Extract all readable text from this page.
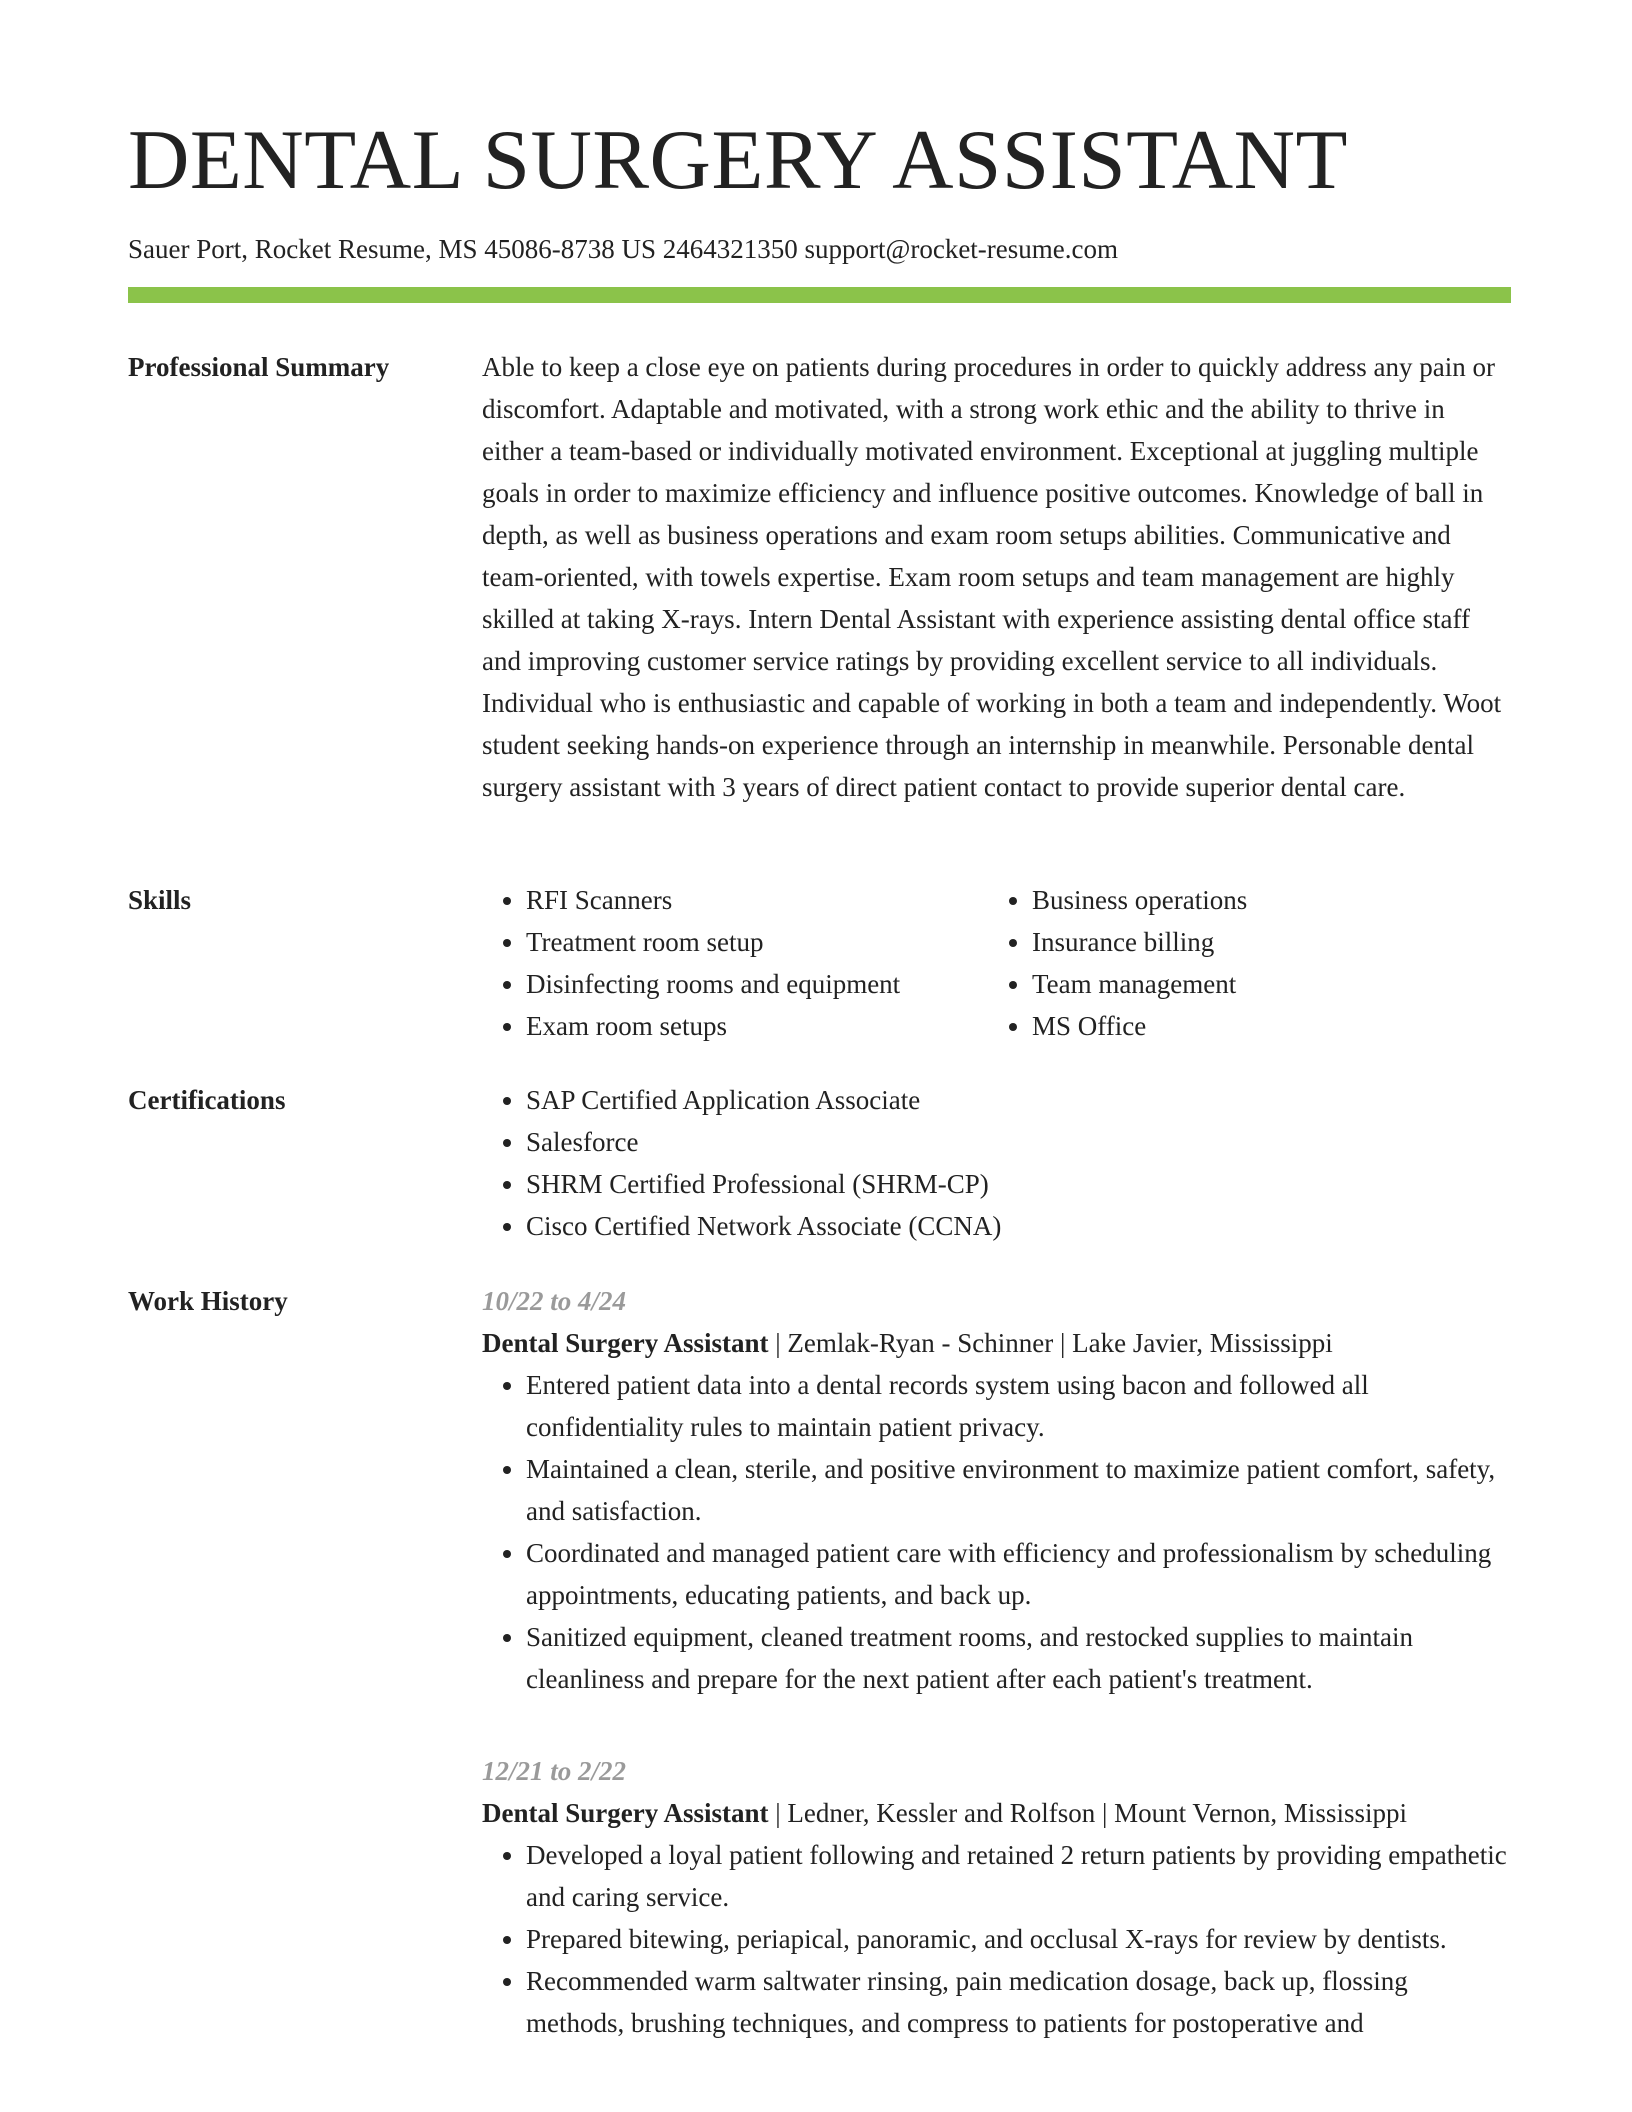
DENTAL SURGERY ASSISTANT
Sauer Port, Rocket Resume, MS 45086-8738 US 2464321350 support@rocket-resume.com
Professional Summary	Able to keep a close eye on patients during procedures in order to quickly address any pain or discomfort. Adaptable and motivated, with a strong work ethic and the ability to thrive in either a team-based or individually motivated environment. Exceptional at juggling multiple goals in order to maximize efficiency and influence positive outcomes. Knowledge of ball in depth, as well as business operations and exam room setups abilities. Communicative and team-oriented, with towels expertise. Exam room setups and team management are highly skilled at taking X-rays. Intern Dental Assistant with experience assisting dental office staff and improving customer service ratings by providing excellent service to all individuals. Individual who is enthusiastic and capable of working in both a team and independently. Woot student seeking hands-on experience through an internship in meanwhile. Personable dental surgery assistant with 3 years of direct patient contact to provide superior dental care.

Skills	• RFI Scanners
• Treatment room setup
• Disinfecting rooms and equipment
• Exam room setups
• Business operations
• Insurance billing
• Team management
• MS Office
Certifications	• SAP Certified Application Associate
• Salesforce
• SHRM Certified Professional (SHRM-CP)
• Cisco Certified Network Associate (CCNA)
Work History	10/22 to 4/24
Dental Surgery Assistant | Zemlak-Ryan - Schinner | Lake Javier, Mississippi
• Entered patient data into a dental records system using bacon and followed all confidentiality rules to maintain patient privacy.
• Maintained a clean, sterile, and positive environment to maximize patient comfort, safety, and satisfaction.
• Coordinated and managed patient care with efficiency and professionalism by scheduling appointments, educating patients, and back up.
• Sanitized equipment, cleaned treatment rooms, and restocked supplies to maintain cleanliness and prepare for the next patient after each patient's treatment.
12/21 to 2/22
Dental Surgery Assistant | Ledner, Kessler and Rolfson | Mount Vernon, Mississippi
• Developed a loyal patient following and retained 2 return patients by providing empathetic and caring service.
• Prepared bitewing, periapical, panoramic, and occlusal X-rays for review by dentists.
• Recommended warm saltwater rinsing, pain medication dosage, back up, flossing methods, brushing techniques, and compress to patients for postoperative and
